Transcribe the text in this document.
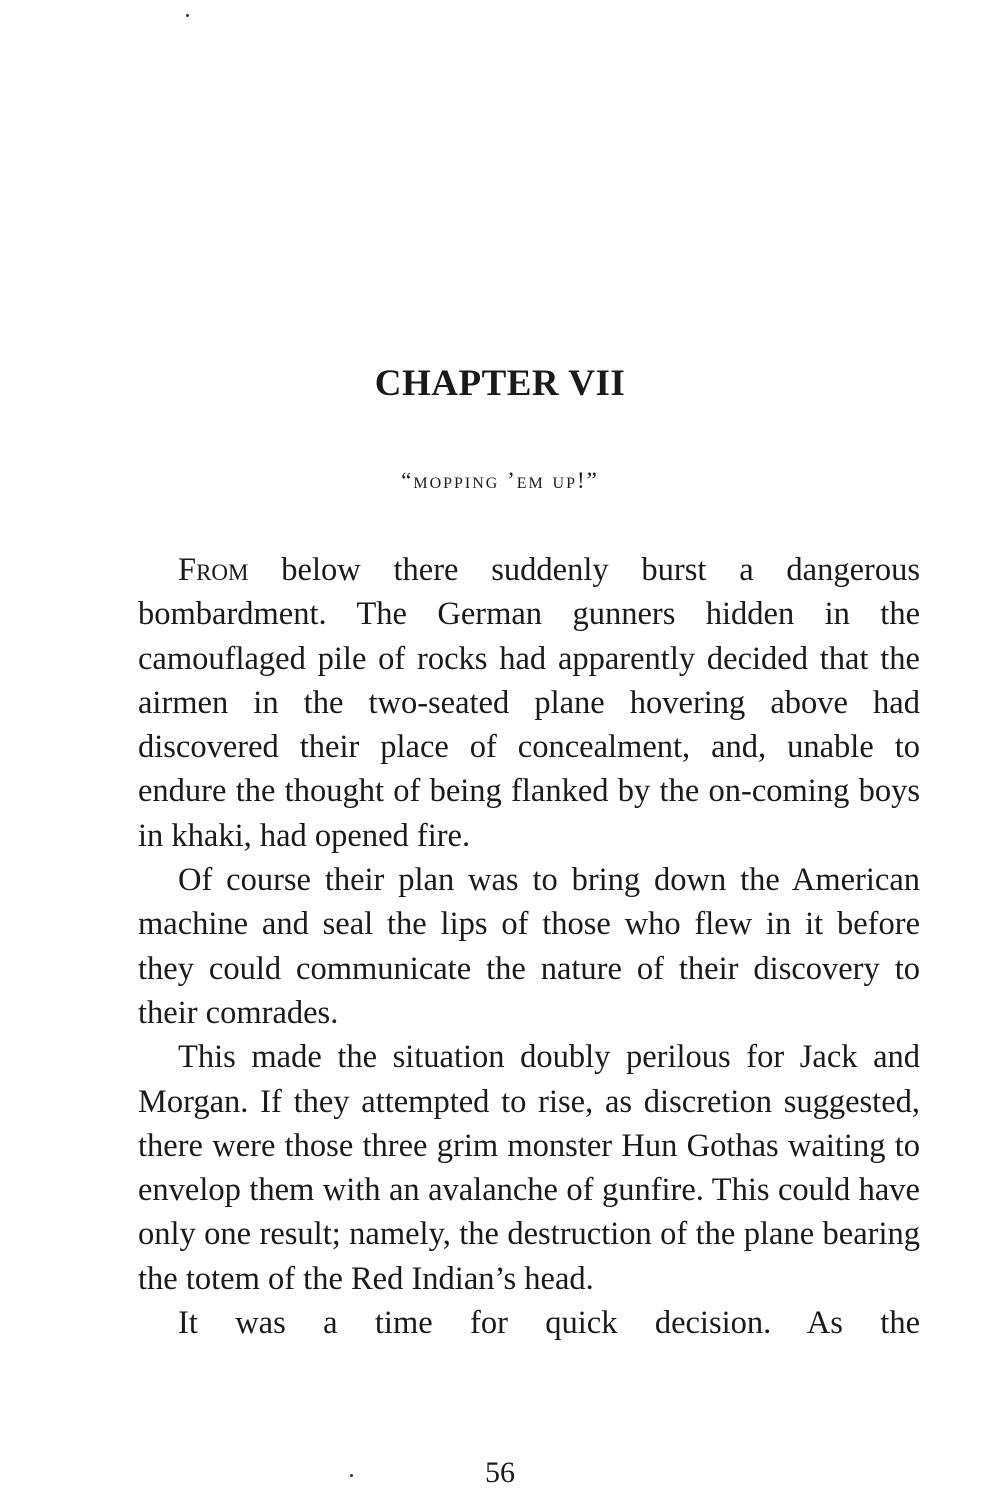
CHAPTER VII
“mopping ’em up!”

From below there suddenly burst a dangerous bombardment. The German gunners hidden in the camouflaged pile of rocks had apparently decided that the airmen in the two-seated plane hovering above had discovered their place of concealment, and, unable to endure the thought of being flanked by the on-coming boys in khaki, had opened fire.

Of course their plan was to bring down the American machine and seal the lips of those who flew in it before they could communicate the nature of their discovery to their comrades.

This made the situation doubly perilous for Jack and Morgan. If they attempted to rise, as discretion suggested, there were those three grim monster Hun Gothas waiting to envelop them with an avalanche of gunfire. This could have only one result; namely, the destruction of the plane bearing the totem of the Red Indian’s head.

It was a time for quick decision. As the

56
